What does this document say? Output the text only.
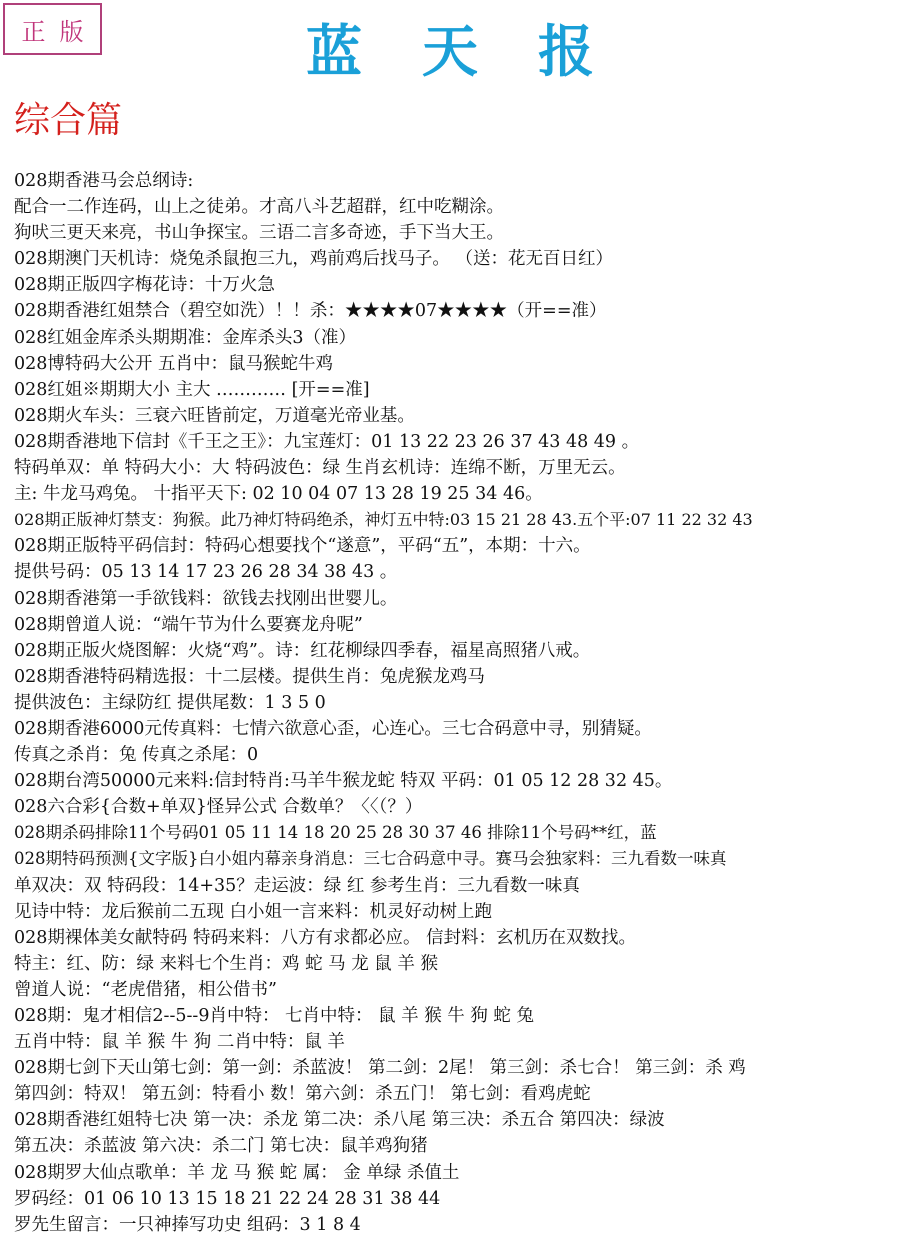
正版	蓝天报
综合篇
028期香港马会总纲诗:
配合一二作连码，山上之徒弟。才高八斗艺超群，红中吃糊涂。
狗吠三更天来亮，书山争探宝。三语二言多奇迹，手下当大王。
028期澳门天机诗：烧兔杀鼠抱三九，鸡前鸡后找马子。 （送：花无百日红）
028期正版四字梅花诗：十万火急
028期香港红姐禁合（碧空如洗）！！杀：★★★★07★★★★（开==准）
028红姐金库杀头期期准：金库杀头3（准）
028博特码大公开 五肖中：鼠马猴蛇牛鸡
028红姐※期期大小 主大 ………… [开==准]
028期火车头：三衰六旺皆前定，万道毫光帝业基。
028期香港地下信封《千王之王》：九宝莲灯：01 13 22 23 26 37 43 48 49 。
特码单双：单 特码大小：大 特码波色：绿 生肖玄机诗：连绵不断，万里无云。
主: 牛龙马鸡兔。 十指平天下: 02 10 04 07 13 28 19 25 34 46。
028期正版神灯禁支：狗猴。此乃神灯特码绝杀，神灯五中特:03 15 21 28 43.五个平:07 11 22 32 43
028期正版特平码信封：特码心想要找个“遂意”，平码“五”，本期：十六。
提供号码：05 13 14 17 23 26 28 34 38 43 。
028期香港第一手欲钱料：欲钱去找刚出世婴儿。
028期曾道人说：“端午节为什么要赛龙舟呢”
028期正版火烧图解：火烧“鸡”。诗：红花柳绿四季春，福星高照猪八戒。
028期香港特码精选报：十二层楼。提供生肖：兔虎猴龙鸡马
提供波色：主绿防红 提供尾数：1 3 5 0
028期香港6000元传真料：七情六欲意心歪，心连心。三七合码意中寻，别猜疑。
传真之杀肖：兔 传真之杀尾：0
028期台湾50000元来料:信封特肖:马羊牛猴龙蛇 特双 平码：01 05 12 28 32 45。
028六合彩{合数+单双}怪异公式 合数单？〈〈（？）
028期杀码排除11个号码01 05 11 14 18 20 25 28 30 37 46 排除11个号码**红，蓝
028期特码预测{文字版}白小姐内幕亲身消息：三七合码意中寻。赛马会独家料：三九看数一味真
单双决：双 特码段：14+35？走运波：绿 红 参考生肖：三九看数一味真
见诗中特：龙后猴前二五现 白小姐一言来料：机灵好动树上跑
028期裸体美女献特码 特码来料：八方有求都必应。 信封料：玄机历在双数找。
特主：红、防：绿 来料七个生肖：鸡 蛇 马 龙 鼠 羊 猴
曾道人说：“老虎借猪，相公借书”
028期：鬼才相信2--5--9肖中特： 七肖中特： 鼠 羊 猴 牛 狗 蛇 兔
五肖中特：鼠 羊 猴 牛 狗 二肖中特：鼠 羊
028期七剑下天山第七剑：第一剑：杀蓝波！ 第二剑：2尾！ 第三剑：杀七合！ 第三剑：杀 鸡
第四剑：特双！ 第五剑：特看小 数！第六剑：杀五门！ 第七剑：看鸡虎蛇
028期香港红姐特七决 第一决：杀龙 第二决：杀八尾 第三决：杀五合 第四决：绿波
第五决：杀蓝波 第六决：杀二门 第七决：鼠羊鸡狗猪
028期罗大仙点歌单：羊 龙 马 猴 蛇 属： 金 单绿 杀值土
罗码经：01 06 10 13 15 18 21 22 24 28 31 38 44
罗先生留言：一只神捧写功史 组码：3 1 8 4
